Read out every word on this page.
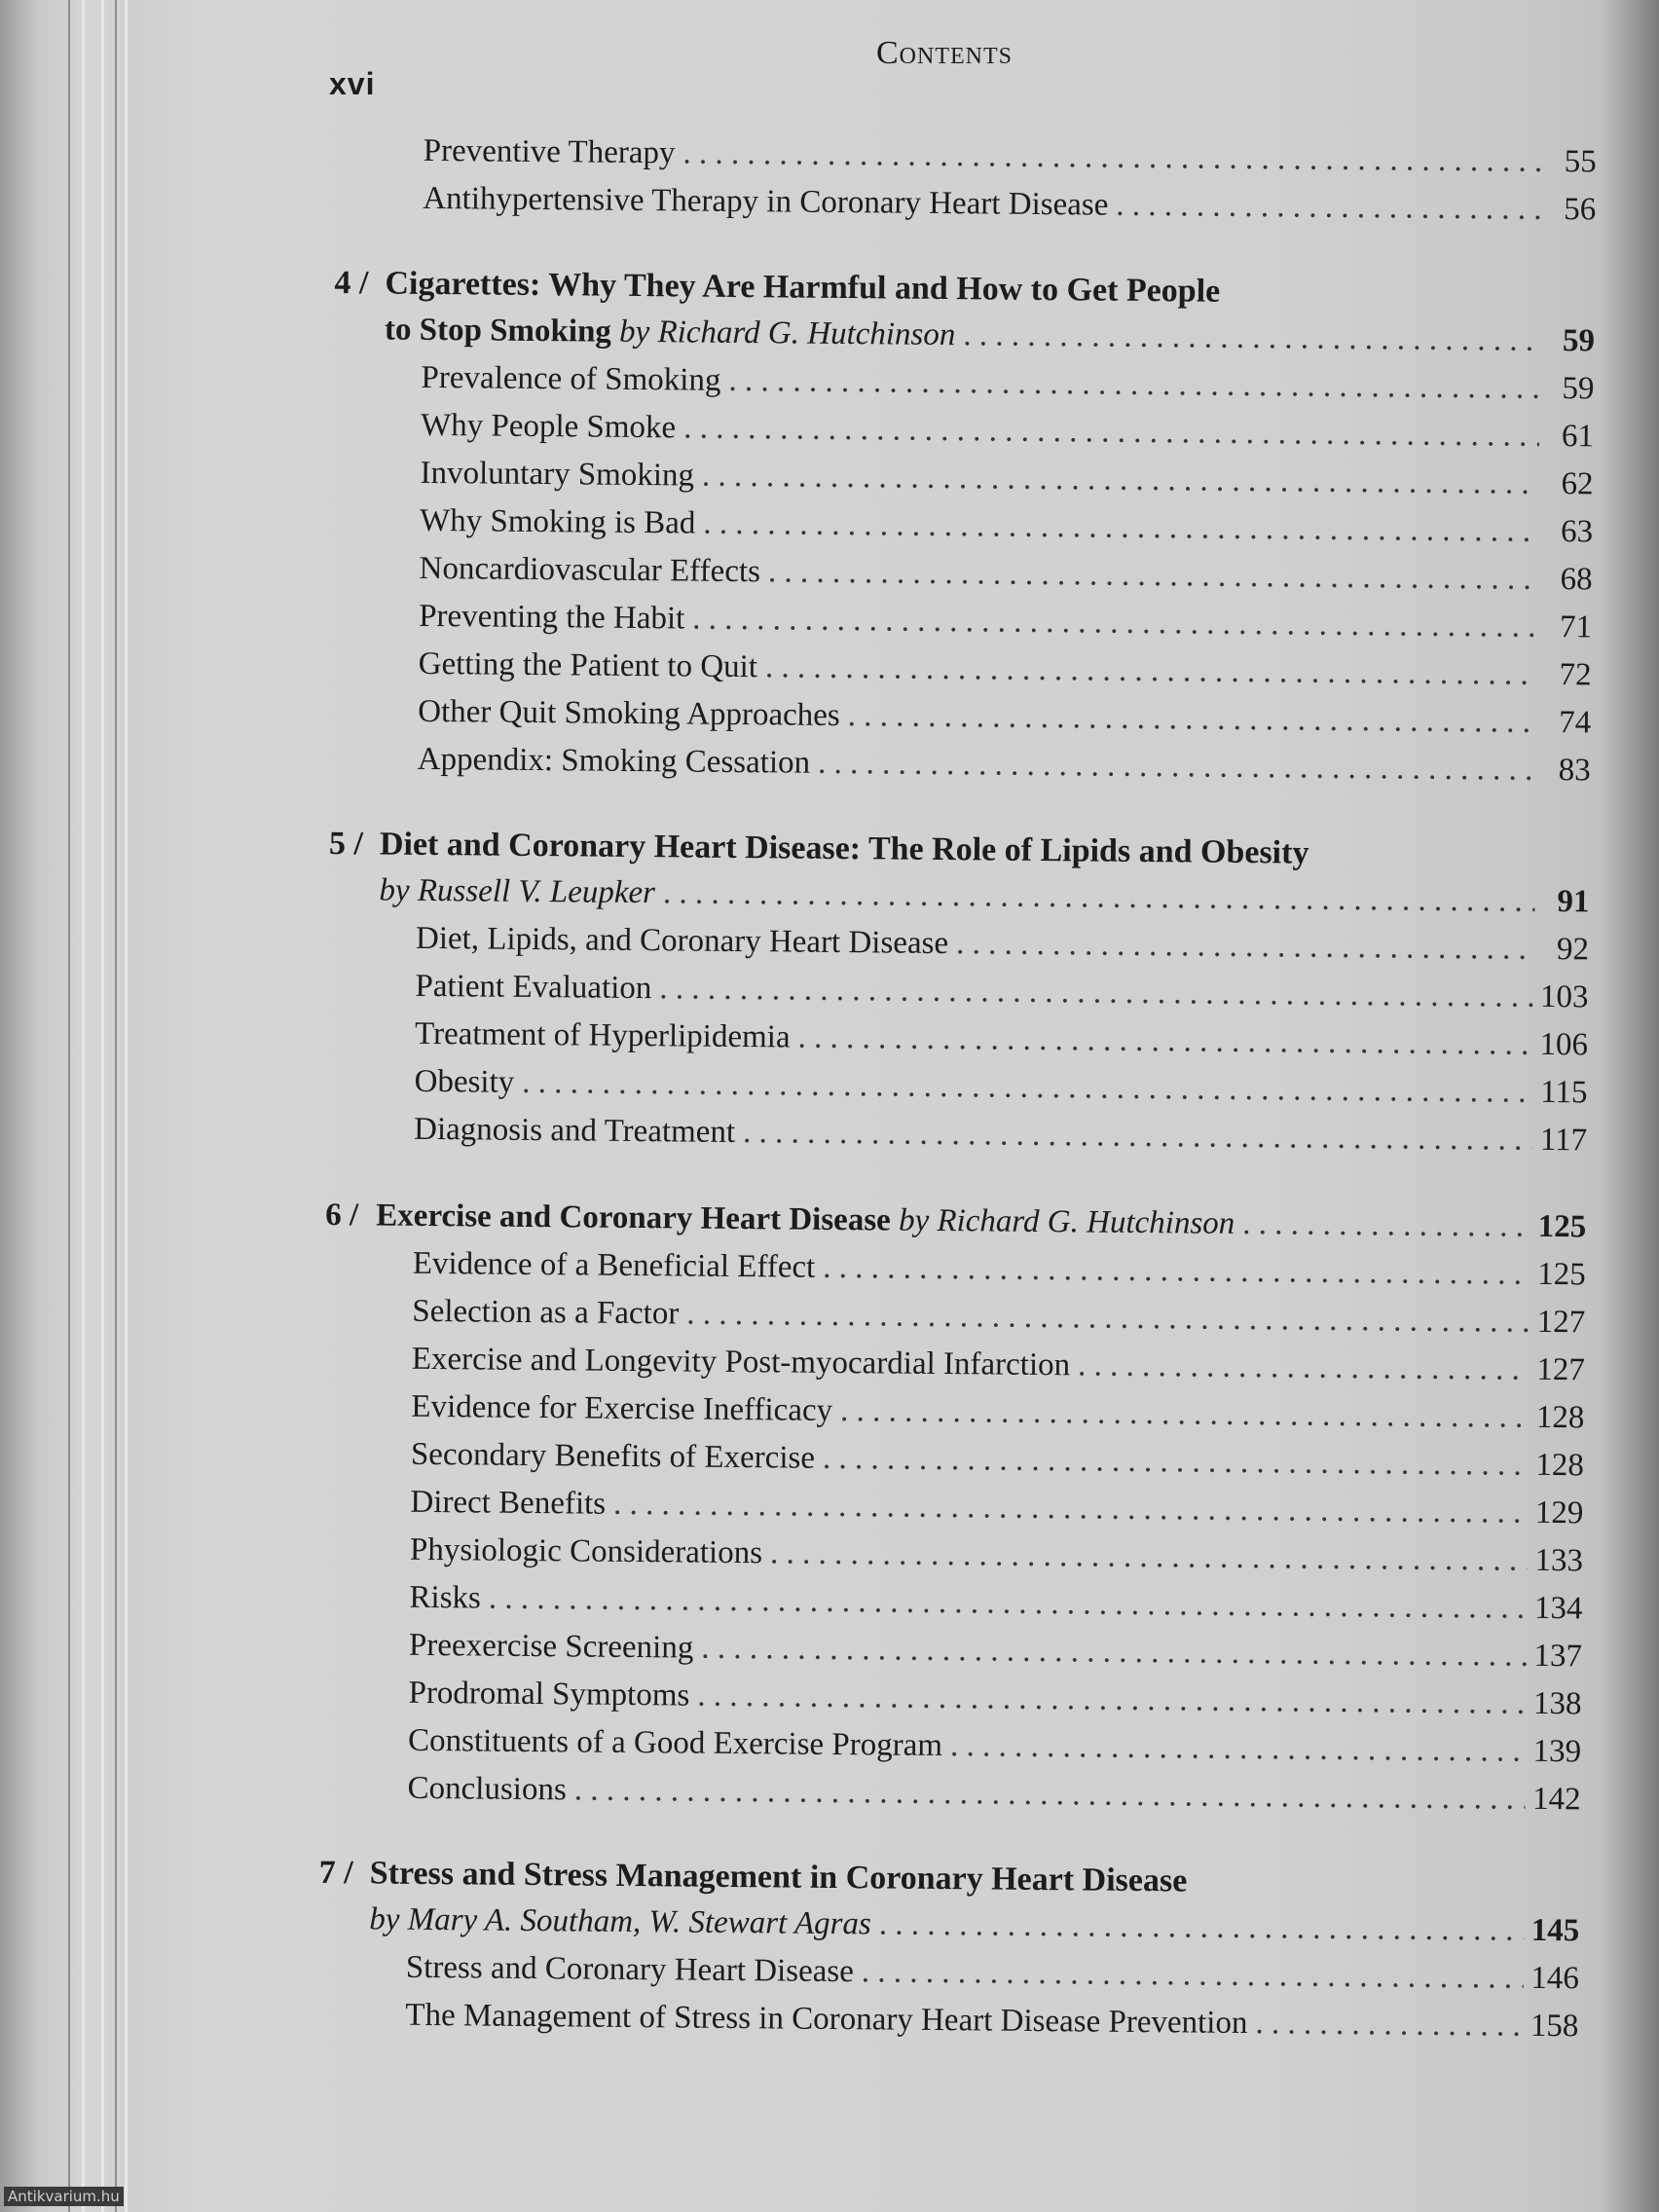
xvi
Contents
Preventive Therapy . . .	55
Antihypertensive Therapy in Coronary Heart Disease . . .	56
4 / Cigarettes: Why They Are Harmful and How to Get People
to Stop Smoking by Richard G. Hutchinson . . .	59
Prevalence of Smoking . . .	59
Why People Smoke . . .	61
Involuntary Smoking . . .	62
Why Smoking is Bad . . .	63
Noncardiovascular Effects . . .	68
Preventing the Habit . . .	71
Getting the Patient to Quit . . .	72
Other Quit Smoking Approaches . . .	74
Appendix: Smoking Cessation . . .	83
5 / Diet and Coronary Heart Disease: The Role of Lipids and Obesity
by Russell V. Leupker . . .	91
Diet, Lipids, and Coronary Heart Disease . . .	92
Patient Evaluation . . .	103
Treatment of Hyperlipidemia . . .	106
Obesity . . .	115
Diagnosis and Treatment . . .	117
6 / Exercise and Coronary Heart Disease by Richard G. Hutchinson . . .	125
Evidence of a Beneficial Effect . . .	125
Selection as a Factor . . .	127
Exercise and Longevity Post-myocardial Infarction . . .	127
Evidence for Exercise Inefficacy . . .	128
Secondary Benefits of Exercise . . .	128
Direct Benefits . . .	129
Physiologic Considerations . . .	133
Risks . . .	134
Preexercise Screening . . .	137
Prodromal Symptoms . . .	138
Constituents of a Good Exercise Program . . .	139
Conclusions . . .	142
7 / Stress and Stress Management in Coronary Heart Disease
by Mary A. Southam, W. Stewart Agras . . .	145
Stress and Coronary Heart Disease . . .	146
The Management of Stress in Coronary Heart Disease Prevention . . .	158
Antikvarium.hu
